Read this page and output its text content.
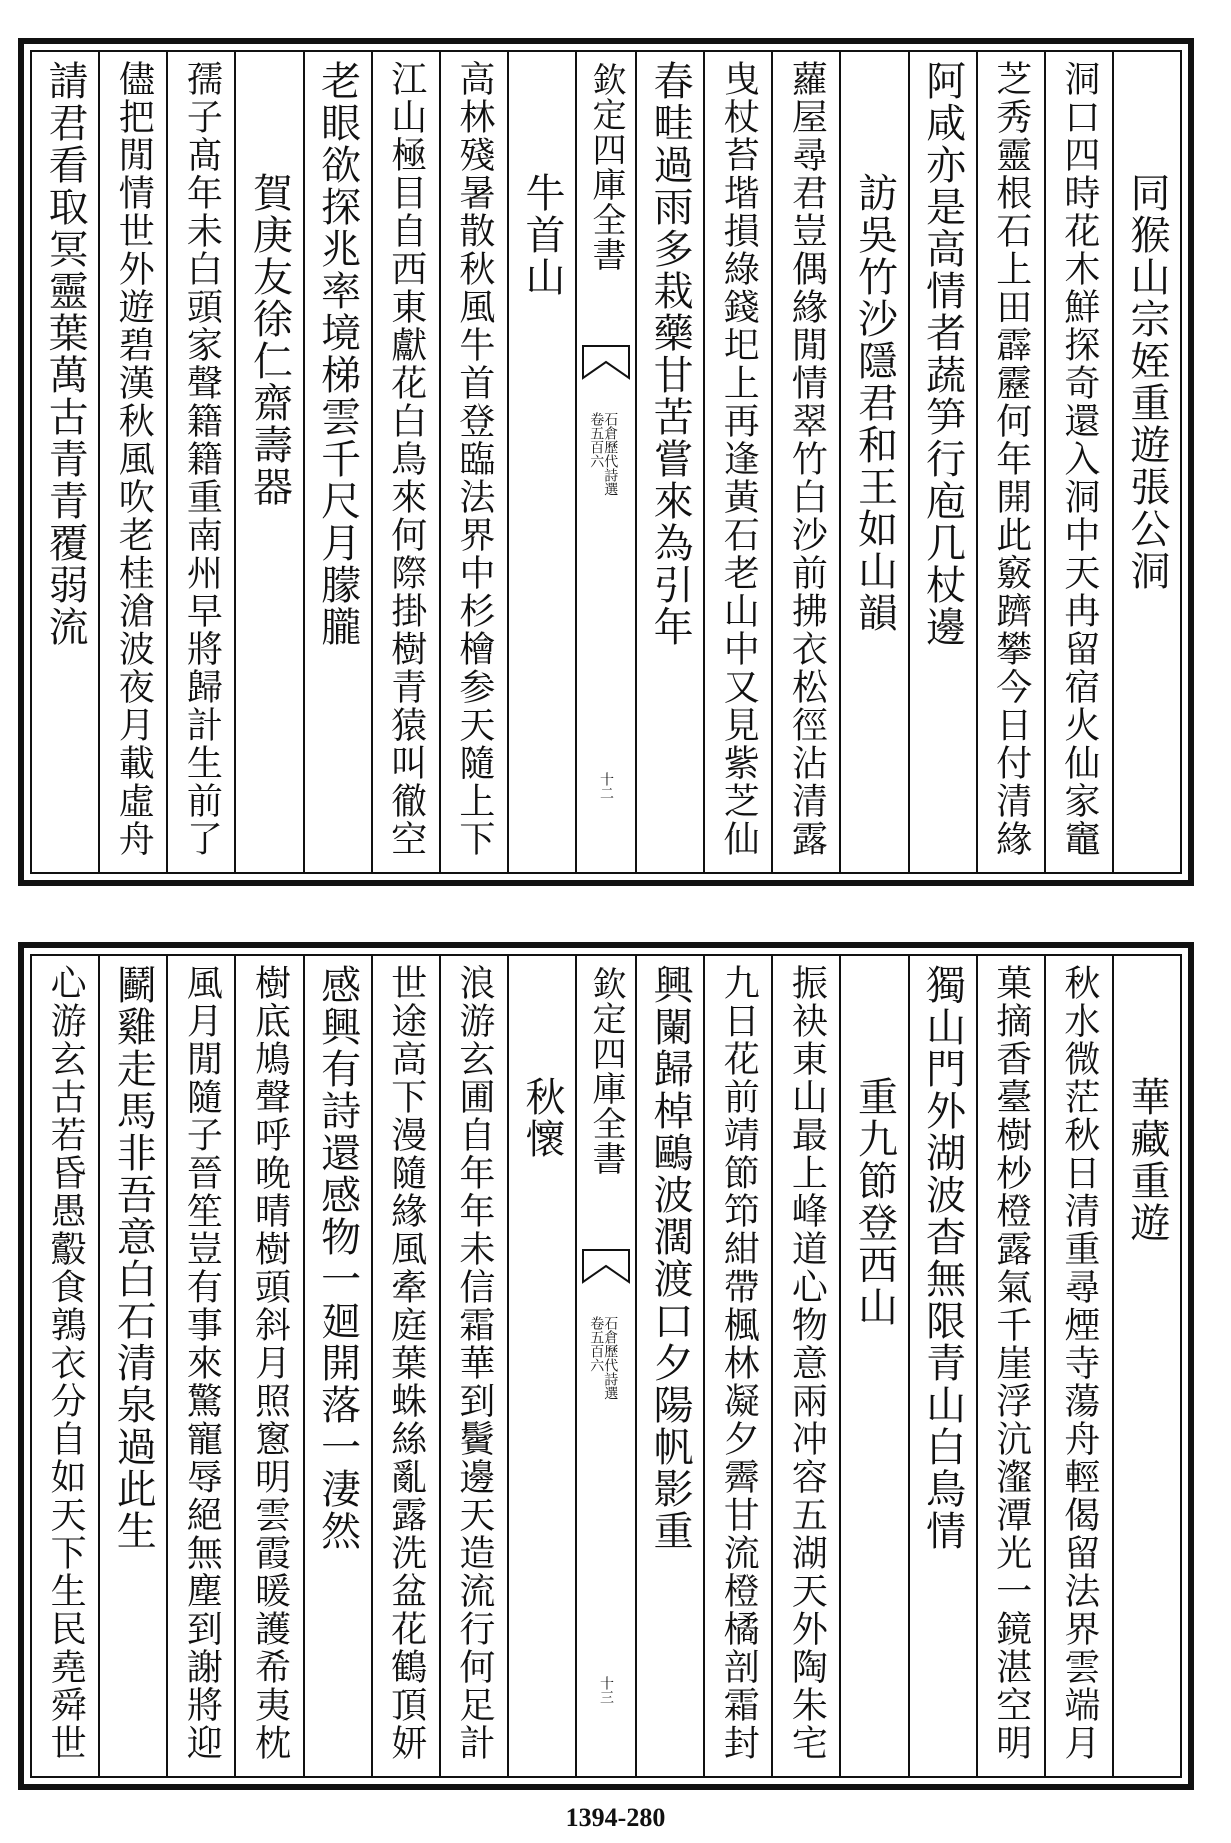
同猴山宗姪重遊張公洞
洞口四時花木鮮探奇還入洞中天冉留宿火仙家竈
芝秀靈根石上田霹靂何年開此竅躋攀今日付清緣
阿咸亦是高情者蔬笋行庖几杖邊
訪吳竹沙隱君和王如山韻
蘿屋尋君豈偶緣閒情翠竹白沙前拂衣松徑沾清露
曳杖苔堦損綠錢圯上再逢黃石老山中又見紫芝仙
春畦過雨多栽藥甘苦嘗來為引年
欽定四庫全書
石倉歷代詩選
卷五百六
十二
牛首山
高林殘暑散秋風牛首登臨法界中杉檜参天隨上下
江山極目自西東獻花白鳥來何際掛樹青猿叫徹空
老眼欲探兆率境梯雲千尺月朦朧
賀庚友徐仁齋壽器
孺子髙年未白頭家聲籍籍重南州早將歸計生前了
儘把閒情世外遊碧漢秋風吹老桂滄波夜月載虛舟
請君看取冥靈葉萬古青青覆弱流
華藏重遊
秋水微茫秋日清重尋煙寺蕩舟輕偈留法界雲端月
菓摘香臺樹杪橙露氣千崖浮沆瀣潭光一鏡湛空明
獨山門外湖波杳無限青山白鳥情
重九節登西山
振袂東山最上峰道心物意兩冲容五湖天外陶朱宅
九日花前靖節笻紺帶楓林凝夕霽甘流橙橘剖霜封
興闌歸棹鷗波濶渡口夕陽帆影重
欽定四庫全書
石倉歷代詩選
卷五百六
十三
秋懷
浪游玄圃自年年未信霜華到鬢邊天造流行何足計
世途高下漫隨緣風牽庭葉蛛絲亂露洗盆花鶴頂妍
感興有詩還感物一廻開落一淒然
樹底鳩聲呼晚晴樹頭斜月照窻明雲霞暖護希夷枕
風月閒隨子晉笙豈有事來驚寵辱絕無塵到謝將迎
鬬雞走馬非吾意白石清泉過此生
心游玄古若昏愚鷇食鶉衣分自如天下生民堯舜世
1394-280
